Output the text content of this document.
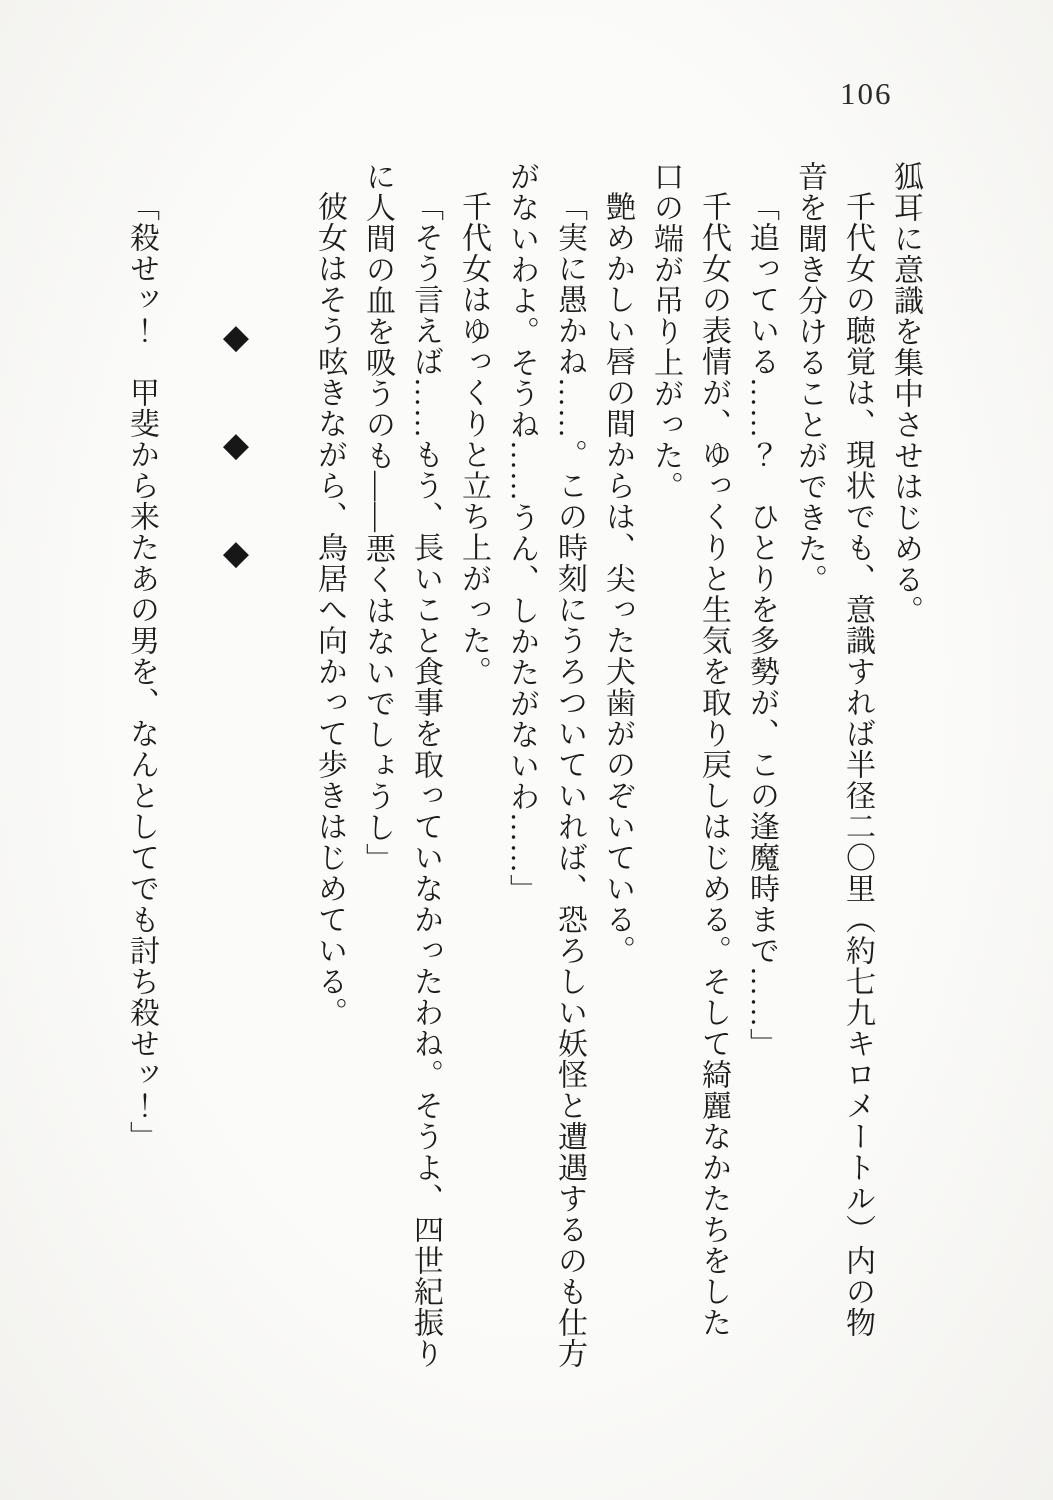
106

狐耳に意識を集中させはじめる。

千代女の聴覚は、現状でも、意識すれば半径二〇里（約七九キロメートル）内の物

音を聞き分けることができた。

「追っている……？　ひとりを多勢が、この逢魔時まで……」

千代女の表情が、ゆっくりと生気を取り戻しはじめる。そして綺麗なかたちをした

口の端が吊り上がった。

艶めかしい唇の間からは、尖った犬歯がのぞいている。

「実に愚かね……。この時刻にうろついていれば、恐ろしい妖怪と遭遇するのも仕方

がないわよ。そうね……うん、しかたがないわ……」

千代女はゆっくりと立ち上がった。

「そう言えば……もう、長いこと食事を取っていなかったわね。そうよ、四世紀振り

に人間の血を吸うのも――悪くはないでしょうし」

彼女はそう呟きながら、鳥居へ向かって歩きはじめている。

◆　　◆　　◆

「殺せッ！　甲斐から来たあの男を、なんとしてでも討ち殺せッ！」
